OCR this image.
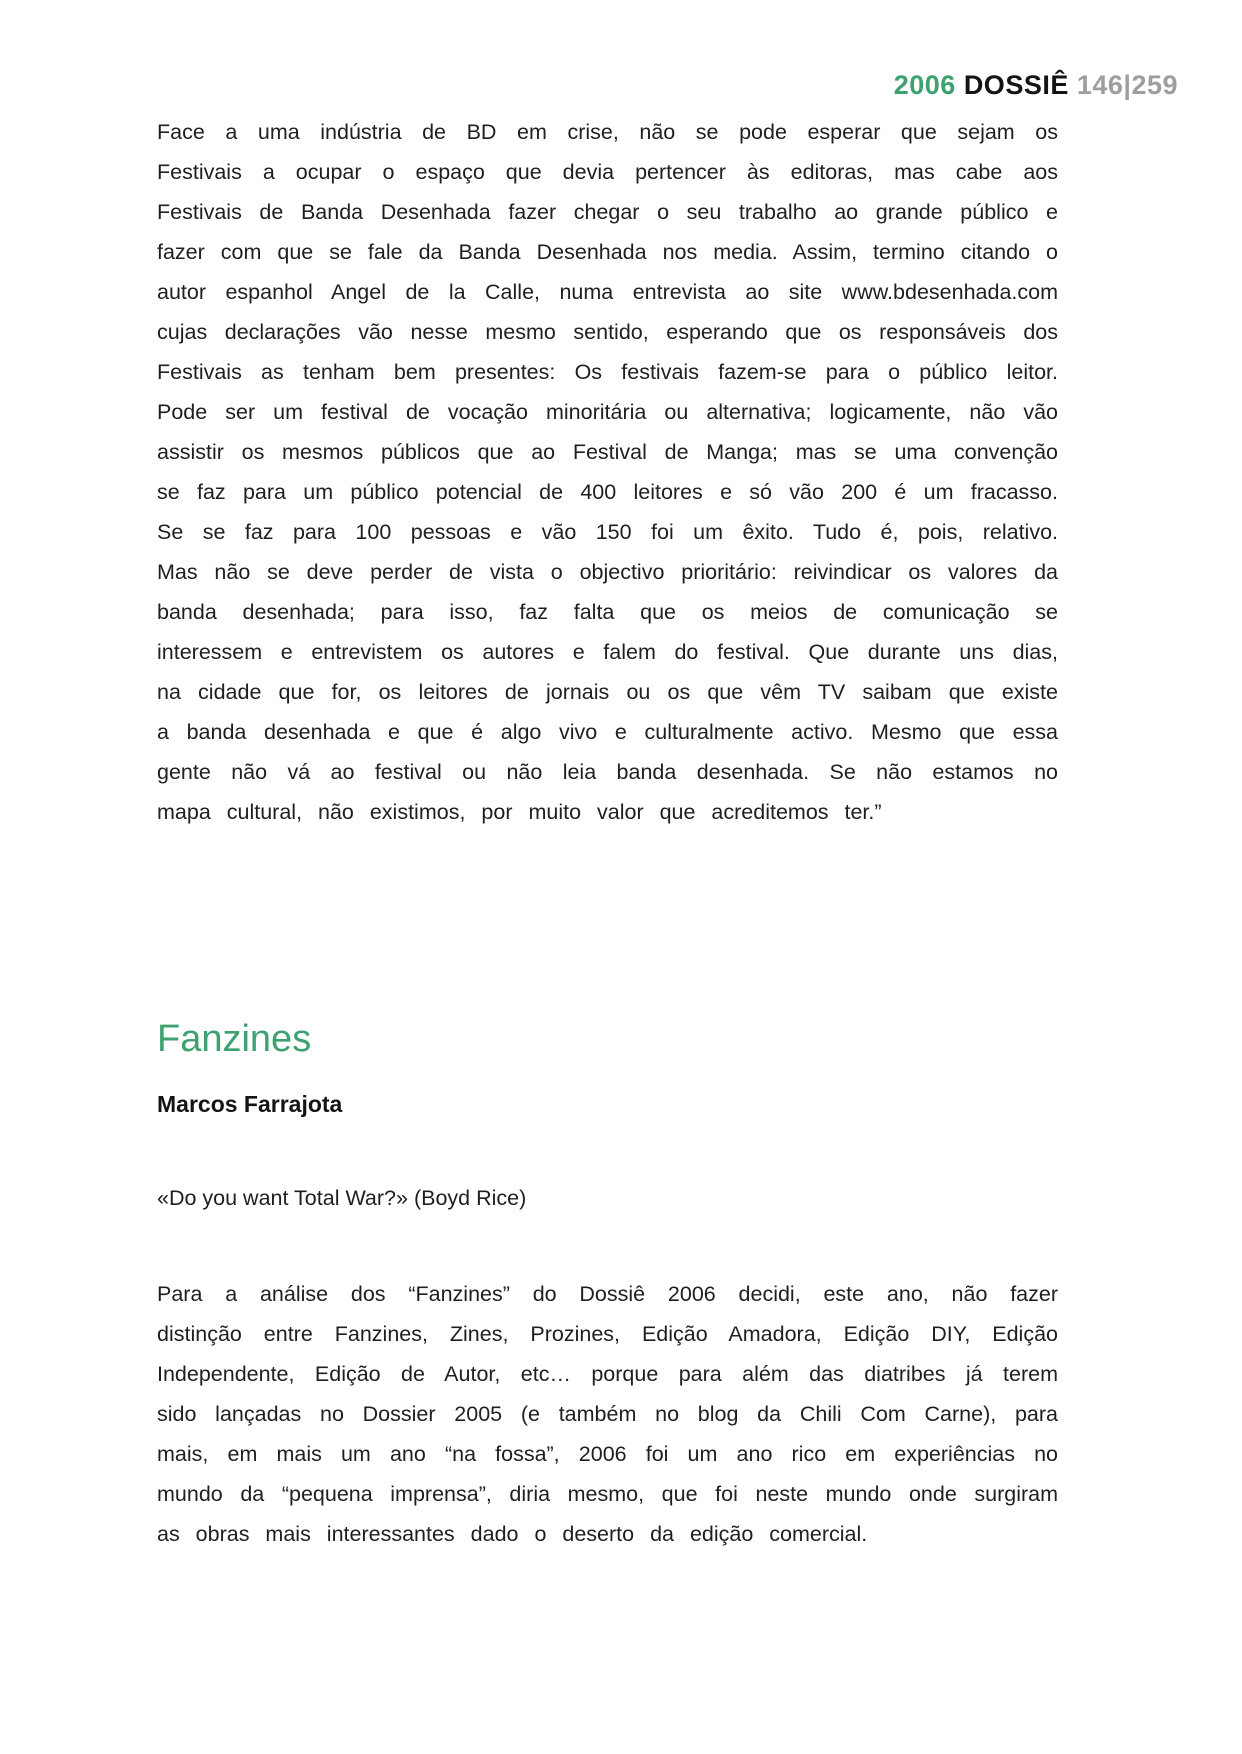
2006 DOSSIÊ 146|259

Face a uma indústria de BD em crise, não se pode esperar que sejam os Festivais a ocupar o espaço que devia pertencer às editoras, mas cabe aos Festivais de Banda Desenhada fazer chegar o seu trabalho ao grande público e fazer com que se fale da Banda Desenhada nos media. Assim, termino citando o autor espanhol Angel de la Calle, numa entrevista ao site www.bdesenhada.com cujas declarações vão nesse mesmo sentido, esperando que os responsáveis dos Festivais as tenham bem presentes: Os festivais fazem-se para o público leitor. Pode ser um festival de vocação minoritária ou alternativa; logicamente, não vão assistir os mesmos públicos que ao Festival de Manga; mas se uma convenção se faz para um público potencial de 400 leitores e só vão 200 é um fracasso. Se se faz para 100 pessoas e vão 150 foi um êxito. Tudo é, pois, relativo. Mas não se deve perder de vista o objectivo prioritário: reivindicar os valores da banda desenhada; para isso, faz falta que os meios de comunicação se interessem e entrevistem os autores e falem do festival. Que durante uns dias, na cidade que for, os leitores de jornais ou os que vêm TV saibam que existe a banda desenhada e que é algo vivo e culturalmente activo. Mesmo que essa gente não vá ao festival ou não leia banda desenhada. Se não estamos no mapa cultural, não existimos, por muito valor que acreditemos ter.”

Fanzines

Marcos Farrajota

«Do you want Total War?» (Boyd Rice)

Para a análise dos “Fanzines” do Dossiê 2006 decidi, este ano, não fazer distinção entre Fanzines, Zines, Prozines, Edição Amadora, Edição DIY, Edição Independente, Edição de Autor, etc… porque para além das diatribes já terem sido lançadas no Dossier 2005 (e também no blog da Chili Com Carne), para mais, em mais um ano “na fossa”, 2006 foi um ano rico em experiências no mundo da “pequena imprensa”, diria mesmo, que foi neste mundo onde surgiram as obras mais interessantes dado o deserto da edição comercial.
